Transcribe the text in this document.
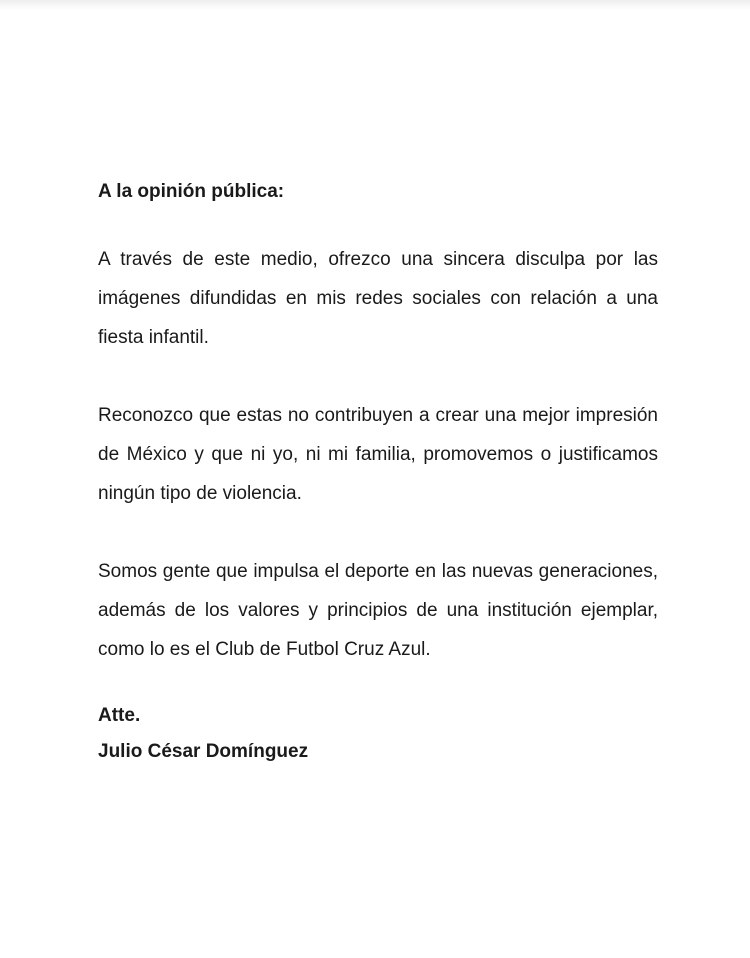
A la opinión pública:

A través de este medio, ofrezco una sincera disculpa por las imágenes difundidas en mis redes sociales con relación a una fiesta infantil.

Reconozco que estas no contribuyen a crear una mejor impresión de México y que ni yo, ni mi familia, promovemos o justificamos ningún tipo de violencia.

Somos gente que impulsa el deporte en las nuevas generaciones, además de los valores y principios de una institución ejemplar, como lo es el Club de Futbol Cruz Azul.

Atte.

Julio César Domínguez
